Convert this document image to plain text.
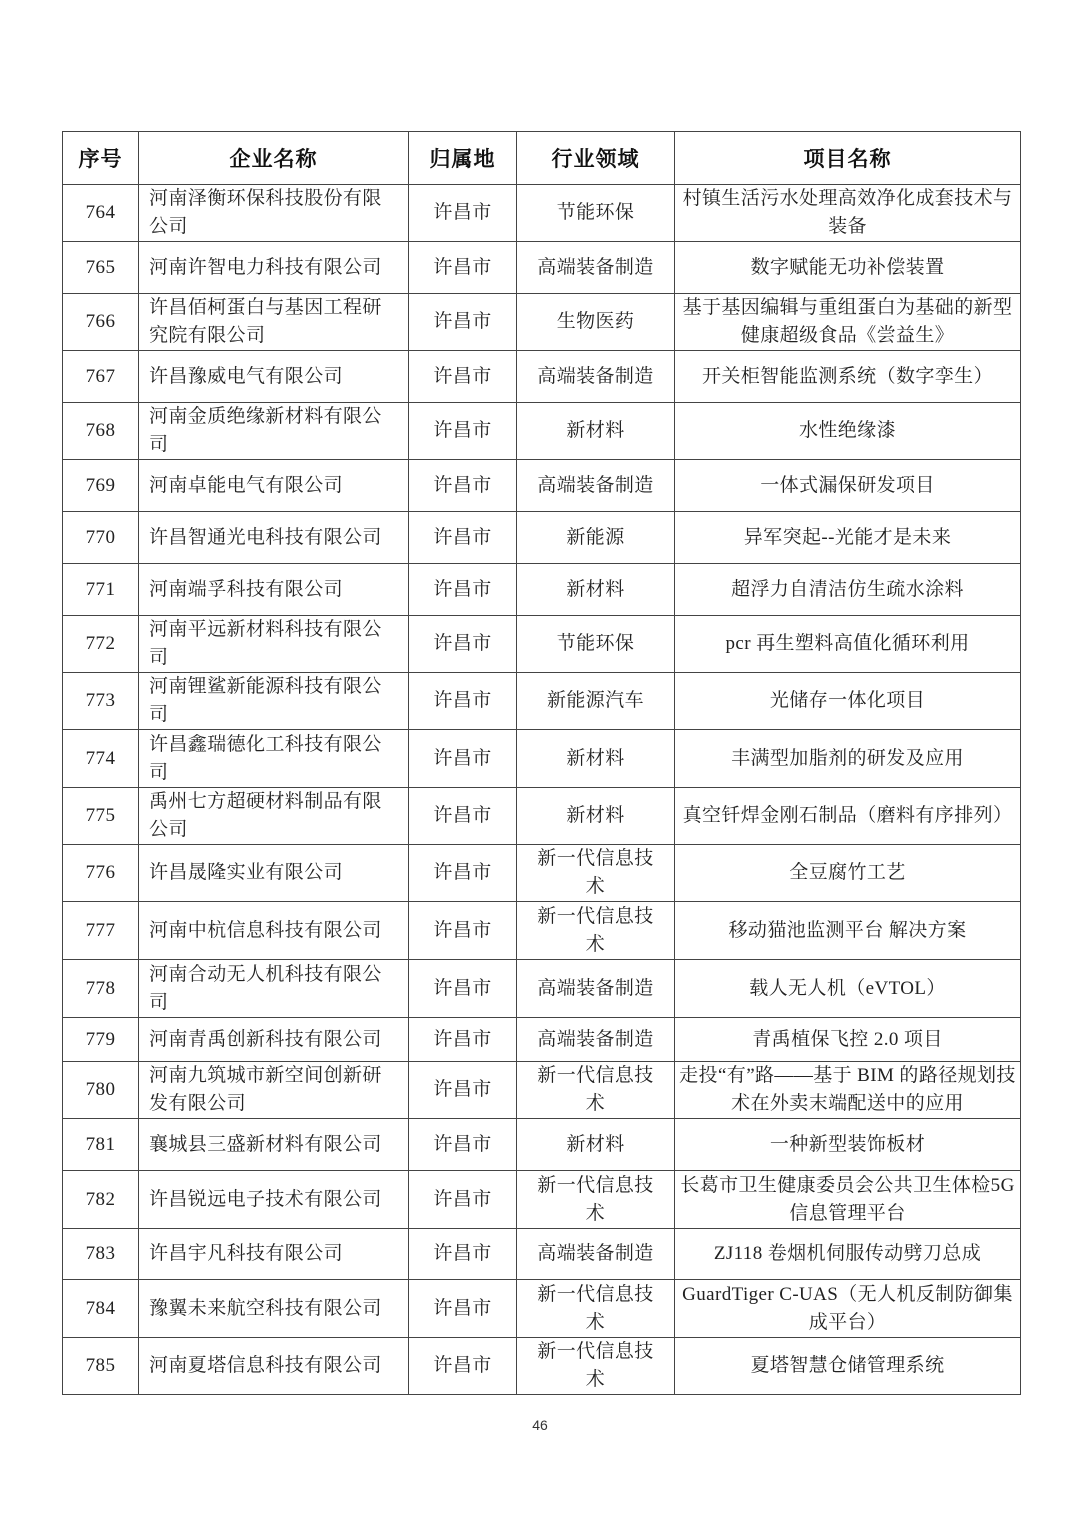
序号	企业名称	归属地	行业领域	项目名称
764	河南泽衡环保科技股份有限公司	许昌市	节能环保	村镇生活污水处理高效净化成套技术与装备
765	河南许智电力科技有限公司	许昌市	高端装备制造	数字赋能无功补偿装置
766	许昌佰柯蛋白与基因工程研究院有限公司	许昌市	生物医药	基于基因编辑与重组蛋白为基础的新型健康超级食品《尝益生》
767	许昌豫威电气有限公司	许昌市	高端装备制造	开关柜智能监测系统（数字孪生）
768	河南金质绝缘新材料有限公司	许昌市	新材料	水性绝缘漆
769	河南卓能电气有限公司	许昌市	高端装备制造	一体式漏保研发项目
770	许昌智通光电科技有限公司	许昌市	新能源	异军突起--光能才是未来
771	河南端孚科技有限公司	许昌市	新材料	超浮力自清洁仿生疏水涂料
772	河南平远新材料科技有限公司	许昌市	节能环保	pcr 再生塑料高值化循环利用
773	河南锂鲨新能源科技有限公司	许昌市	新能源汽车	光储存一体化项目
774	许昌鑫瑞德化工科技有限公司	许昌市	新材料	丰满型加脂剂的研发及应用
775	禹州七方超硬材料制品有限公司	许昌市	新材料	真空钎焊金刚石制品（磨料有序排列）
776	许昌晟隆实业有限公司	许昌市	新一代信息技术	全豆腐竹工艺
777	河南中杭信息科技有限公司	许昌市	新一代信息技术	移动猫池监测平台 解决方案
778	河南合动无人机科技有限公司	许昌市	高端装备制造	载人无人机（eVTOL）
779	河南青禹创新科技有限公司	许昌市	高端装备制造	青禹植保飞控 2.0 项目
780	河南九筑城市新空间创新研发有限公司	许昌市	新一代信息技术	走投“有”路——基于 BIM 的路径规划技术在外卖末端配送中的应用
781	襄城县三盛新材料有限公司	许昌市	新材料	一种新型装饰板材
782	许昌锐远电子技术有限公司	许昌市	新一代信息技术	长葛市卫生健康委员会公共卫生体检5G 信息管理平台
783	许昌宇凡科技有限公司	许昌市	高端装备制造	ZJ118 卷烟机伺服传动劈刀总成
784	豫翼未来航空科技有限公司	许昌市	新一代信息技术	GuardTiger C-UAS（无人机反制防御集成平台）
785	河南夏塔信息科技有限公司	许昌市	新一代信息技术	夏塔智慧仓储管理系统
46
